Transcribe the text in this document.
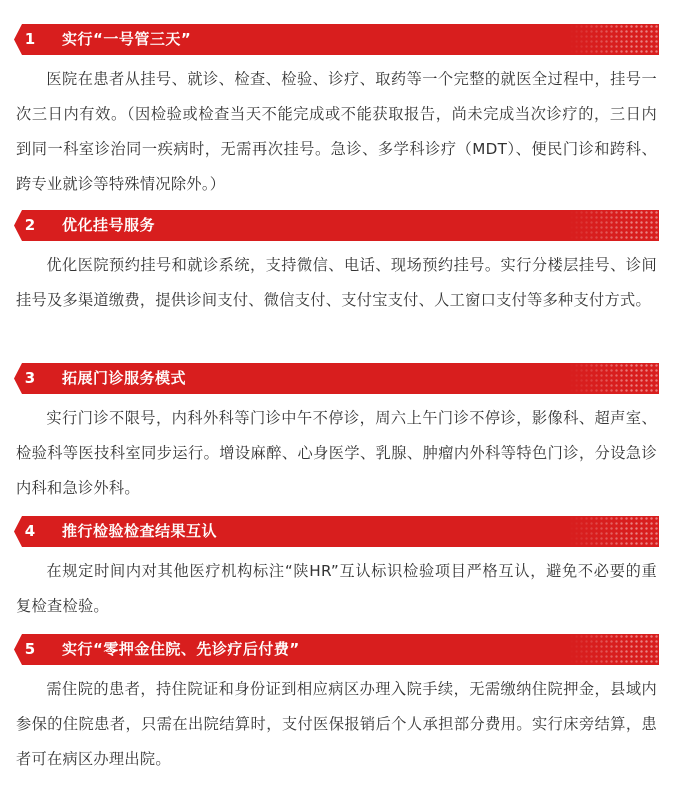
1	实行“一号管三天”

医院在患者从挂号、就诊、检查、检验、诊疗、取药等一个完整的就医全过程中，挂号一次三日内有效。（因检验或检查当天不能完成或不能获取报告，尚未完成当次诊疗的，三日内到同一科室诊治同一疾病时，无需再次挂号。急诊、多学科诊疗（MDT）、便民门诊和跨科、跨专业就诊等特殊情况除外。）

2	优化挂号服务

优化医院预约挂号和就诊系统，支持微信、电话、现场预约挂号。实行分楼层挂号、诊间挂号及多渠道缴费，提供诊间支付、微信支付、支付宝支付、人工窗口支付等多种支付方式。

3	拓展门诊服务模式

实行门诊不限号，内科外科等门诊中午不停诊，周六上午门诊不停诊，影像科、超声室、检验科等医技科室同步运行。增设麻醉、心身医学、乳腺、肿瘤内外科等特色门诊，分设急诊内科和急诊外科。

4	推行检验检查结果互认

在规定时间内对其他医疗机构标注“陕HR”互认标识检验项目严格互认，避免不必要的重复检查检验。

5	实行“零押金住院、先诊疗后付费”

需住院的患者，持住院证和身份证到相应病区办理入院手续，无需缴纳住院押金，县域内参保的住院患者，只需在出院结算时，支付医保报销后个人承担部分费用。实行床旁结算，患者可在病区办理出院。
